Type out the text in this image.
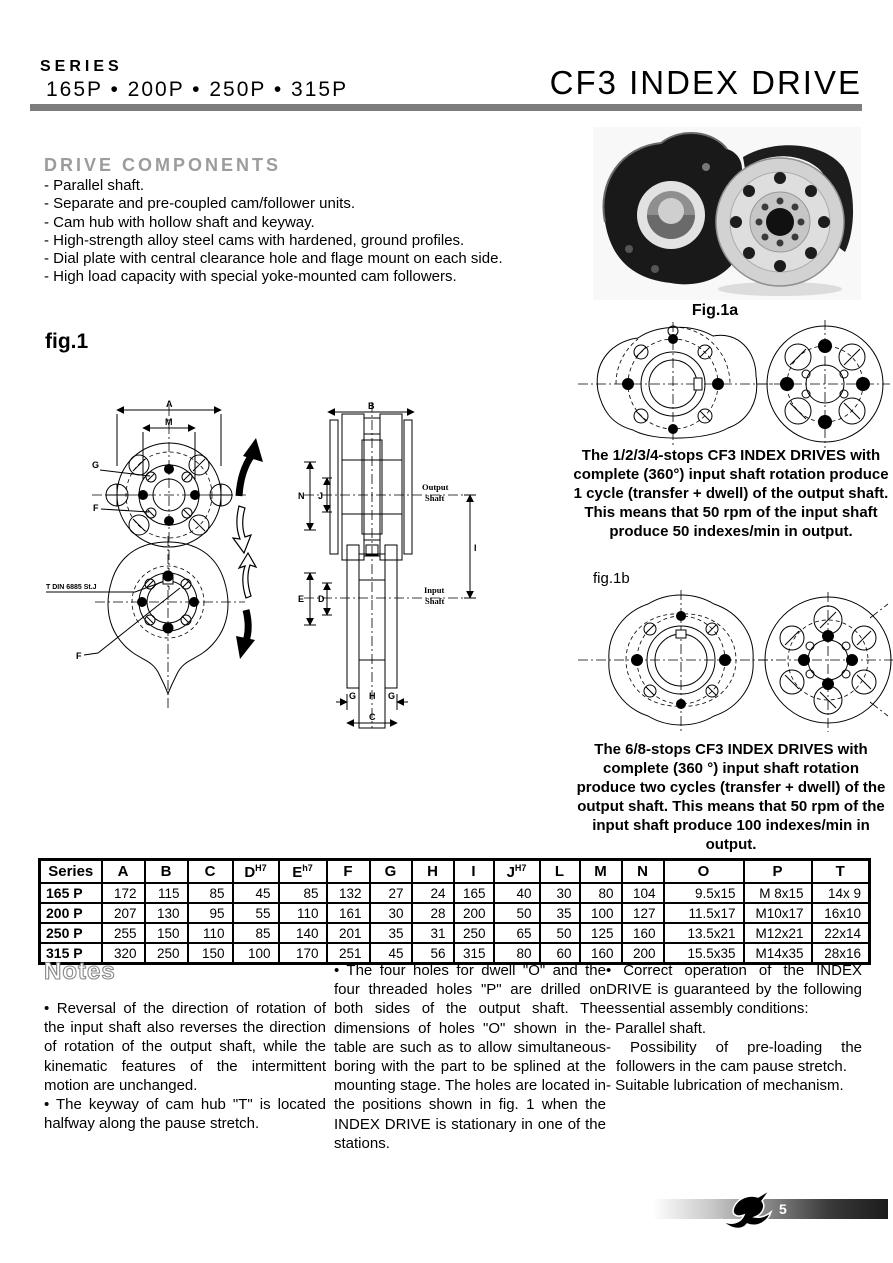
SERIES
165P • 200P • 250P • 315P	CF3 INDEX DRIVE
DRIVE COMPONENTS
- Parallel shaft.
- Separate and pre-coupled cam/follower units.
- Cam hub with hollow shaft and keyway.
- High-strength alloy steel cams with hardened, ground profiles.
- Dial plate with central clearance hole and flage mount on each side.
- High load capacity with special yoke-mounted cam followers.
Fig.1a
The 1/2/3/4-stops CF3 INDEX DRIVES with complete (360°) input shaft rotation produce 1 cycle (transfer + dwell) of the output shaft. This means that 50 rpm of the input shaft produce 50 indexes/min in output.
fig.1b
The 6/8-stops CF3 INDEX DRIVES with complete (360 °) input shaft rotation produce two cycles (transfer + dwell) of the output shaft. This means that 50 rpm of the input shaft produce 100 indexes/min in output.
fig.1
A
M
G
F
T DIN 6885 St.J
F
B
N J
I
Output
Shaft
Input
Shaft
E D
G H G
C
Series	A	B	C	$D^{H7}$	$E^{h7}$	F	G	H	I	$J^{H7}$	L	M	N	O	P	T
165 P	172	115	85	45	85	132	27	24	165	40	30	80	104	9.5x15	M 8x15	14x 9
200 P	207	130	95	55	110	161	30	28	200	50	35	100	127	11.5x17	M10x17	16x10
250 P	255	150	110	85	140	201	35	31	250	65	50	125	160	13.5x21	M12x21	22x14
315 P	320	250	150	100	170	251	45	56	315	80	60	160	200	15.5x35	M14x35	28x16
Notes

• Reversal of the direction of rotation of the input shaft also reverses the direction of rotation of the output shaft, while the kinematic features of the intermittent motion are unchanged.

• The keyway of cam hub "T" is located halfway along the pause stretch.

• The four holes for dwell "O" and the four threaded holes "P" are drilled on both sides of the output shaft. The dimensions of holes "O" shown in the table are such as to allow simultaneous boring with the part to be splined at the mounting stage. The holes are located in the positions shown in fig. 1 when the INDEX DRIVE is stationary in one of the stations.

• Correct operation of the INDEX DRIVE is guaranteed by the following essential assembly conditions:

- Parallel shaft.

- Possibility of pre-loading the followers in the cam pause stretch.

- Suitable lubrication of mechanism.

5
